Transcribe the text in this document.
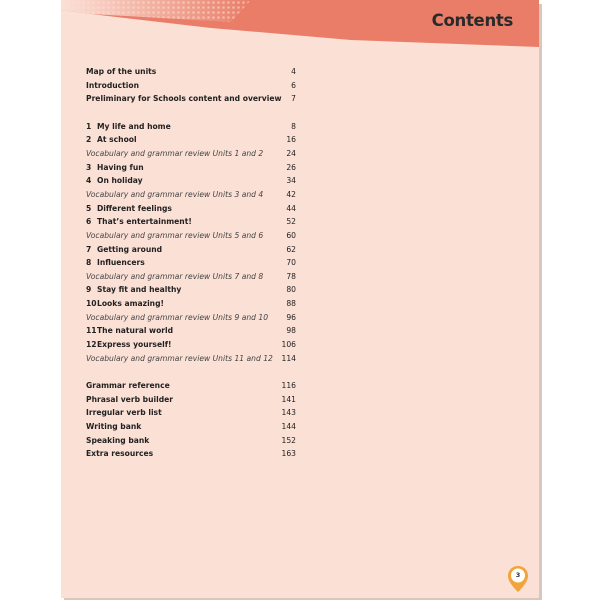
Contents
Map of the units	4
Introduction	6
Preliminary for Schools content and overview 7
1 My life and home	8
2 At school	16
Vocabulary and grammar review Units 1 and 2	24
3 Having fun	26
4 On holiday	34
Vocabulary and grammar review Units 3 and 4	42
5 Different feelings	44
6 That’s entertainment!	52
Vocabulary and grammar review Units 5 and 6	60
7 Getting around	62
8 Influencers	70
Vocabulary and grammar review Units 7 and 8	78
9 Stay fit and healthy	80
10Looks amazing!	88
Vocabulary and grammar review Units 9 and 10 96
11The natural world	98
12Express yourself!	106
Vocabulary and grammar review Units 11 and 12 114
Grammar reference	116
Phrasal verb builder	141
Irregular verb list	143
Writing bank	144
Speaking bank	152
Extra resources	163
3
